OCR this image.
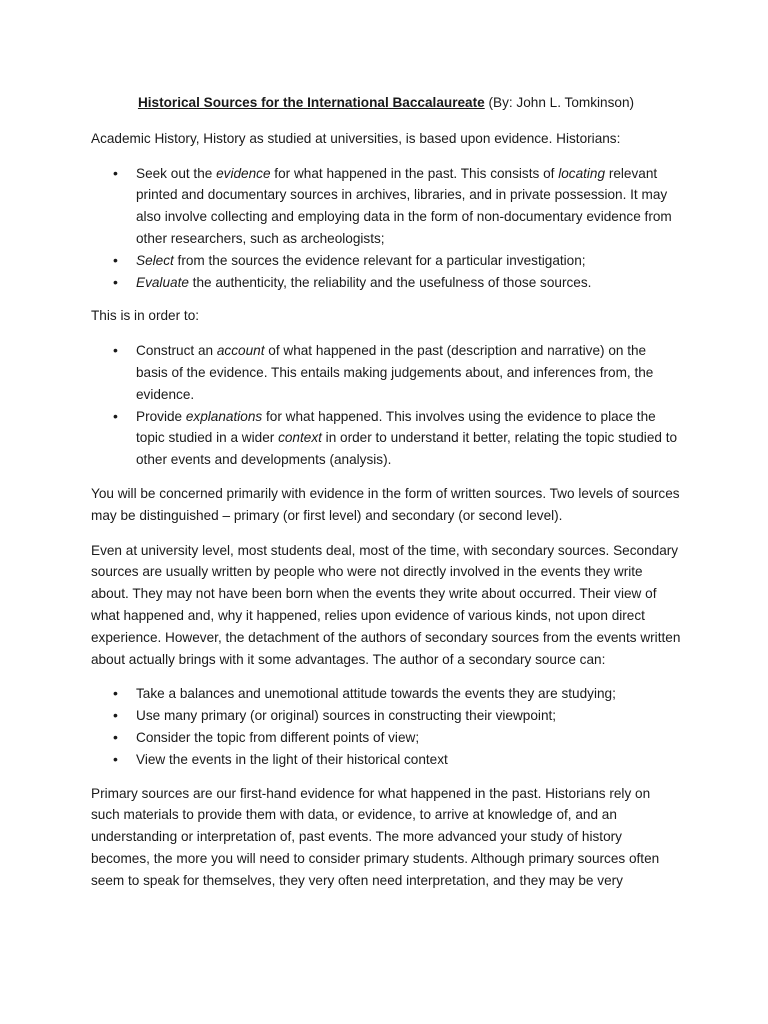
Historical Sources for the International Baccalaureate (By: John L. Tomkinson)

Academic History, History as studied at universities, is based upon evidence. Historians:

• Seek out the evidence for what happened in the past. This consists of locating relevant printed and documentary sources in archives, libraries, and in private possession. It may also involve collecting and employing data in the form of non-documentary evidence from other researchers, such as archeologists;
• Select from the sources the evidence relevant for a particular investigation;
• Evaluate the authenticity, the reliability and the usefulness of those sources.

This is in order to:

• Construct an account of what happened in the past (description and narrative) on the basis of the evidence. This entails making judgements about, and inferences from, the evidence.
• Provide explanations for what happened. This involves using the evidence to place the topic studied in a wider context in order to understand it better, relating the topic studied to other events and developments (analysis).

You will be concerned primarily with evidence in the form of written sources. Two levels of sources may be distinguished – primary (or first level) and secondary (or second level).

Even at university level, most students deal, most of the time, with secondary sources. Secondary sources are usually written by people who were not directly involved in the events they write about. They may not have been born when the events they write about occurred. Their view of what happened and, why it happened, relies upon evidence of various kinds, not upon direct experience. However, the detachment of the authors of secondary sources from the events written about actually brings with it some advantages. The author of a secondary source can:

• Take a balances and unemotional attitude towards the events they are studying;
• Use many primary (or original) sources in constructing their viewpoint;
• Consider the topic from different points of view;
• View the events in the light of their historical context

Primary sources are our first-hand evidence for what happened in the past. Historians rely on such materials to provide them with data, or evidence, to arrive at knowledge of, and an understanding or interpretation of, past events. The more advanced your study of history becomes, the more you will need to consider primary students. Although primary sources often seem to speak for themselves, they very often need interpretation, and they may be very
